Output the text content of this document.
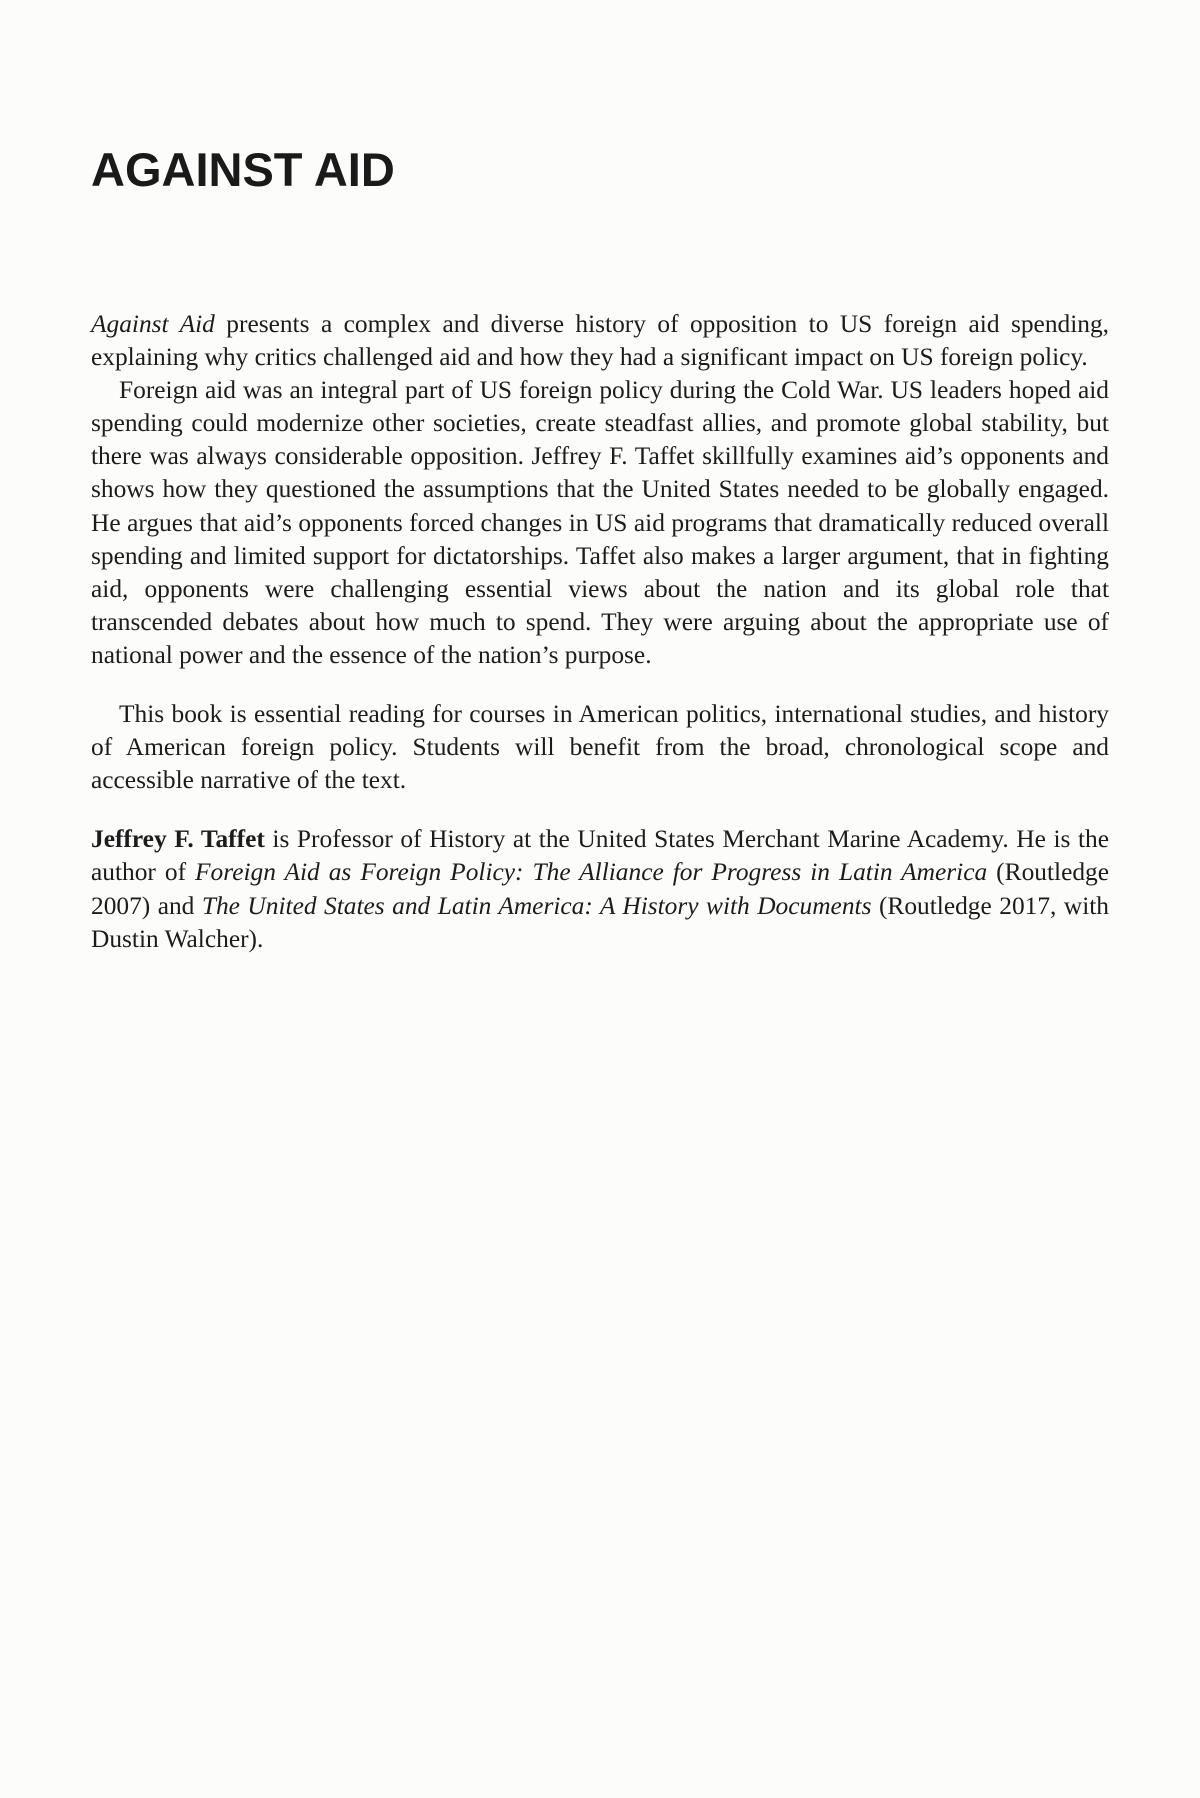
AGAINST AID

Against Aid presents a complex and diverse history of opposition to US foreign aid spending, explaining why critics challenged aid and how they had a significant impact on US foreign policy.

Foreign aid was an integral part of US foreign policy during the Cold War. US leaders hoped aid spending could modernize other societies, create steadfast allies, and promote global stability, but there was always considerable opposition. Jeffrey F. Taffet skillfully examines aid’s opponents and shows how they questioned the assumptions that the United States needed to be globally engaged. He argues that aid’s opponents forced changes in US aid programs that dramatically reduced overall spending and limited support for dictatorships. Taffet also makes a larger argument, that in fighting aid, opponents were challenging essential views about the nation and its global role that transcended debates about how much to spend. They were arguing about the appropriate use of national power and the essence of the nation’s purpose.

This book is essential reading for courses in American politics, international studies, and history of American foreign policy. Students will benefit from the broad, chronological scope and accessible narrative of the text.

Jeffrey F. Taffet is Professor of History at the United States Merchant Marine Academy. He is the author of Foreign Aid as Foreign Policy: The Alliance for Progress in Latin America (Routledge 2007) and The United States and Latin America: A History with Documents (Routledge 2017, with Dustin Walcher).
